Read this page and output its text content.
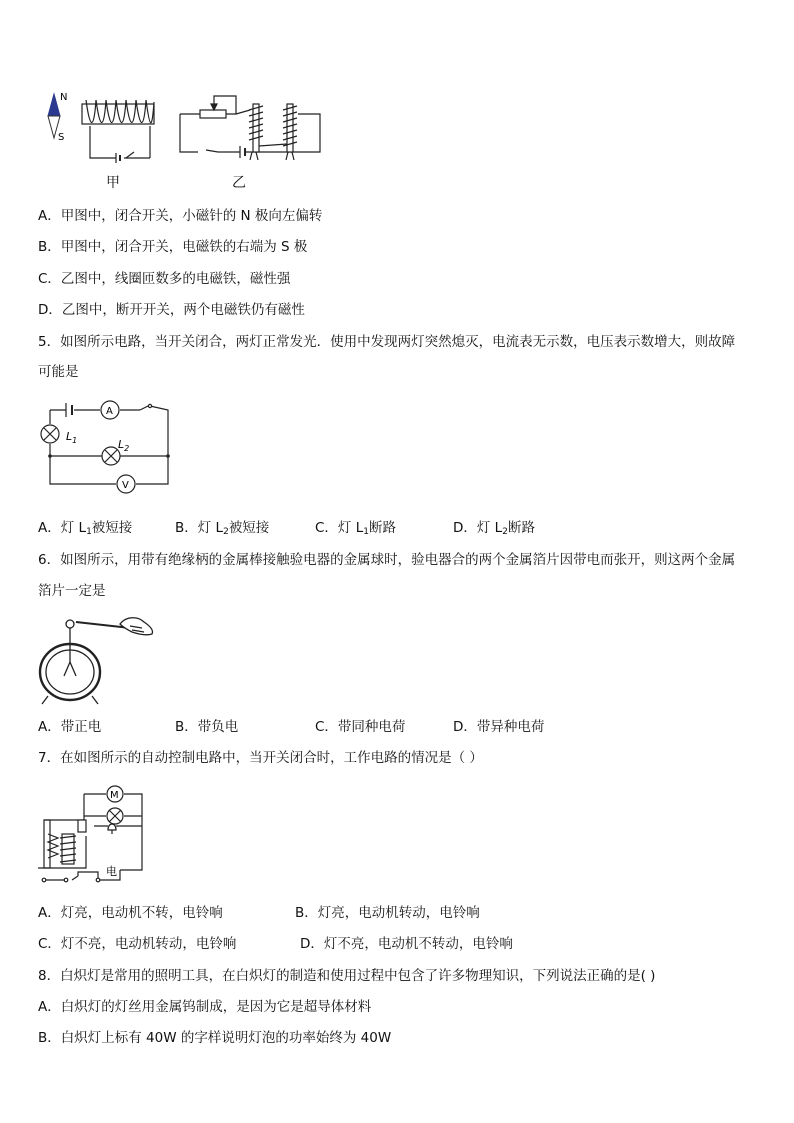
N
S
甲	乙
A．甲图中，闭合开关，小磁针的 N 极向左偏转
B．甲图中，闭合开关，电磁铁的右端为 S 极
C．乙图中，线圈匝数多的电磁铁，磁性强
D．乙图中，断开开关，两个电磁铁仍有磁性
5．如图所示电路，当开关闭合，两灯正常发光．使用中发现两灯突然熄灭，电流表无示数，电压表示数增大，则故障
可能是
A
V
$L_1$	$L_2$
A．灯 $L_1$被短接	B．灯 $L_2$被短接	C．灯 $L_1$断路	D．灯 $L_2$断路
6．如图所示，用带有绝缘柄的金属棒接触验电器的金属球时，验电器合的两个金属箔片因带电而张开，则这两个金属
箔片一定是
A．带正电	B．带负电	C．带同种电荷	D．带异种电荷
7．在如图所示的自动控制电路中，当开关闭合时，工作电路的情况是（ ）
M
电
A．灯亮，电动机不转，电铃响	B．灯亮，电动机转动，电铃响
C．灯不亮，电动机转动，电铃响	D．灯不亮，电动机不转动，电铃响
8．白炽灯是常用的照明工具，在白炽灯的制造和使用过程中包含了许多物理知识，下列说法正确的是( )
A．白炽灯的灯丝用金属钨制成，是因为它是超导体材料
B．白炽灯上标有 40W 的字样说明灯泡的功率始终为 40W
